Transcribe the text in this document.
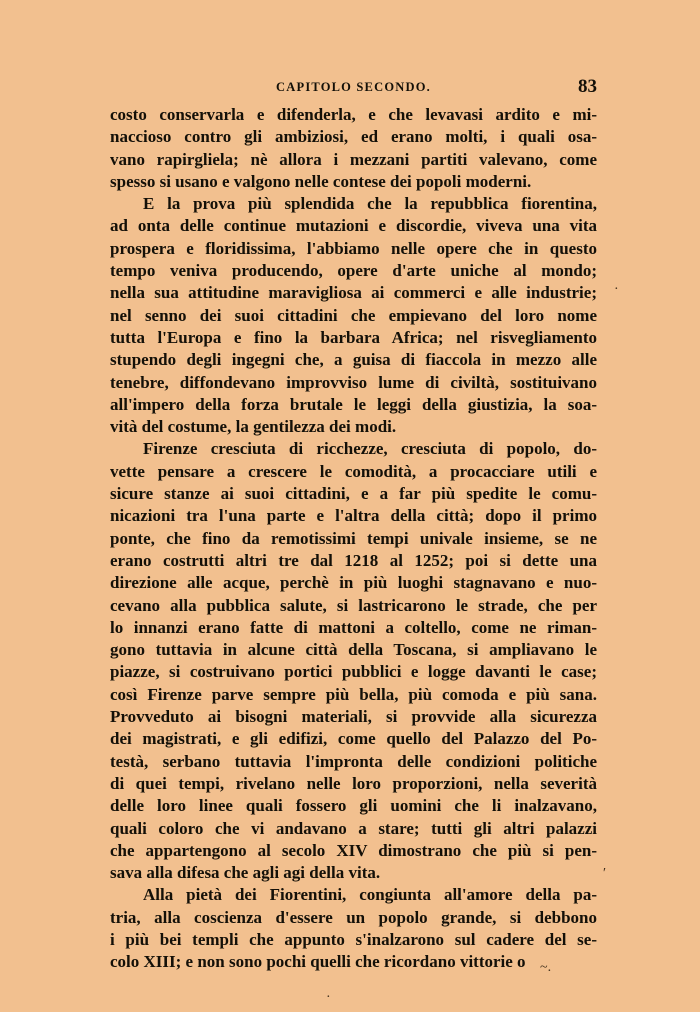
CAPITOLO SECONDO.	83
costo conservarla e difenderla, e che levavasi ardito e mi-
naccioso contro gli ambiziosi, ed erano molti, i quali osa-
vano rapirgliela; nè allora i mezzani partiti valevano, come
spesso si usano e valgono nelle contese dei popoli moderni.
E la prova più splendida che la repubblica fiorentina,
ad onta delle continue mutazioni e discordie, viveva una vita
prospera e floridissima, l'abbiamo nelle opere che in questo
tempo veniva producendo, opere d'arte uniche al mondo;
nella sua attitudine maravigliosa ai commerci e alle industrie;
nel senno dei suoi cittadini che empievano del loro nome
tutta l'Europa e fino la barbara Africa; nel risvegliamento
stupendo degli ingegni che, a guisa di fiaccola in mezzo alle
tenebre, diffondevano improvviso lume di civiltà, sostituivano
all'impero della forza brutale le leggi della giustizia, la soa-
vità del costume, la gentilezza dei modi.
Firenze cresciuta di ricchezze, cresciuta di popolo, do-
vette pensare a crescere le comodità, a procacciare utili e
sicure stanze ai suoi cittadini, e a far più spedite le comu-
nicazioni tra l'una parte e l'altra della città; dopo il primo
ponte, che fino da remotissimi tempi univale insieme, se ne
erano costrutti altri tre dal 1218 al 1252; poi si dette una
direzione alle acque, perchè in più luoghi stagnavano e nuo-
cevano alla pubblica salute, si lastricarono le strade, che per
lo innanzi erano fatte di mattoni a coltello, come ne riman-
gono tuttavia in alcune città della Toscana, si ampliavano le
piazze, si costruivano portici pubblici e logge davanti le case;
così Firenze parve sempre più bella, più comoda e più sana.
Provveduto ai bisogni materiali, si provvide alla sicurezza
dei magistrati, e gli edifizi, come quello del Palazzo del Po-
testà, serbano tuttavia l'impronta delle condizioni politiche
di quei tempi, rivelano nelle loro proporzioni, nella severità
delle loro linee quali fossero gli uomini che li inalzavano,
quali coloro che vi andavano a stare; tutti gli altri palazzi
che appartengono al secolo XIV dimostrano che più si pen-
sava alla difesa che agli agi della vita.
Alla pietà dei Fiorentini, congiunta all'amore della pa-
tria, alla coscienza d'essere un popolo grande, si debbono
i più bei templi che appunto s'inalzarono sul cadere del se-
colo XIII; e non sono pochi quelli che ricordano vittorie o
·
′
~.
·
